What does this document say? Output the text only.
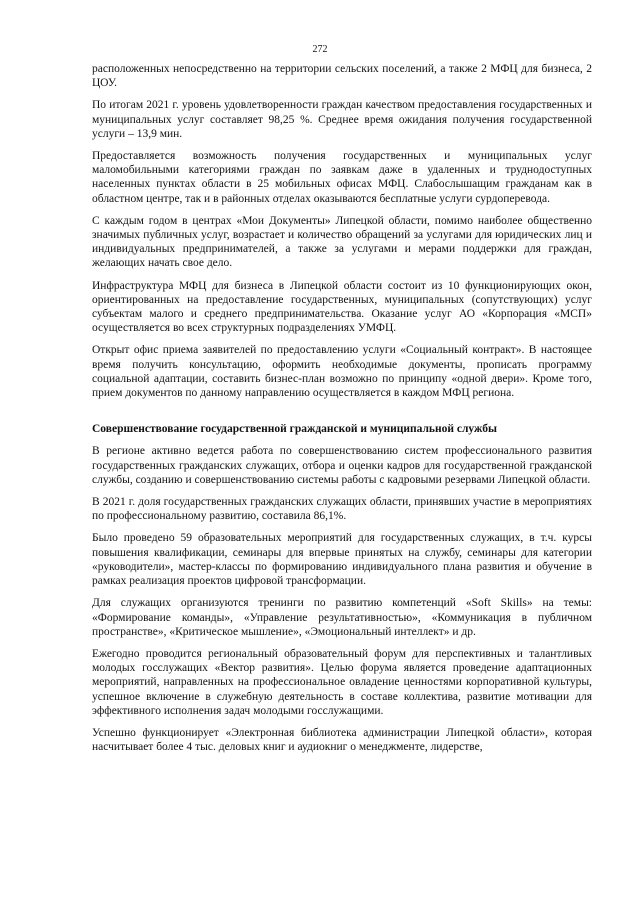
272

расположенных непосредственно на территории сельских поселений, а также 2 МФЦ для бизнеса, 2 ЦОУ.

По итогам 2021 г. уровень удовлетворенности граждан качеством предоставления государственных и муниципальных услуг составляет 98,25 %. Среднее время ожидания получения государственной услуги – 13,9 мин.

Предоставляется возможность получения государственных и муниципальных услуг маломобильными категориями граждан по заявкам даже в удаленных и труднодоступных населенных пунктах области в 25 мобильных офисах МФЦ. Слабослышащим гражданам как в областном центре, так и в районных отделах оказываются бесплатные услуги сурдоперевода.

С каждым годом в центрах «Мои Документы» Липецкой области, помимо наиболее общественно значимых публичных услуг, возрастает и количество обращений за услугами для юридических лиц и индивидуальных предпринимателей, а также за услугами и мерами поддержки для граждан, желающих начать свое дело.

Инфраструктура МФЦ для бизнеса в Липецкой области состоит из 10 функционирующих окон, ориентированных на предоставление государственных, муниципальных (сопутствующих) услуг субъектам малого и среднего предпринимательства. Оказание услуг АО «Корпорация «МСП» осуществляется во всех структурных подразделениях УМФЦ.

Открыт офис приема заявителей по предоставлению услуги «Социальный контракт». В настоящее время получить консультацию, оформить необходимые документы, прописать программу социальной адаптации, составить бизнес-план возможно по принципу «одной двери». Кроме того, прием документов по данному направлению осуществляется в каждом МФЦ региона.

Совершенствование государственной гражданской и муниципальной службы

В регионе активно ведется работа по совершенствованию систем профессионального развития государственных гражданских служащих, отбора и оценки кадров для государственной гражданской службы, созданию и совершенствованию системы работы с кадровыми резервами Липецкой области.

В 2021 г. доля государственных гражданских служащих области, принявших участие в мероприятиях по профессиональному развитию, составила 86,1%.

Было проведено 59 образовательных мероприятий для государственных служащих, в т.ч. курсы повышения квалификации, семинары для впервые принятых на службу, семинары для категории «руководители», мастер-классы по формированию индивидуального плана развития и обучение в рамках реализация проектов цифровой трансформации.

Для служащих организуются тренинги по развитию компетенций «Soft Skills» на темы: «Формирование команды», «Управление результативностью», «Коммуникация в публичном пространстве», «Критическое мышление», «Эмоциональный интеллект» и др.

Ежегодно проводится региональный образовательный форум для перспективных и талантливых молодых госслужащих «Вектор развития». Целью форума является проведение адаптационных мероприятий, направленных на профессиональное овладение ценностями корпоративной культуры, успешное включение в служебную деятельность в составе коллектива, развитие мотивации для эффективного исполнения задач молодыми госслужащими.

Успешно функционирует «Электронная библиотека администрации Липецкой области», которая насчитывает более 4 тыс. деловых книг и аудиокниг о менеджменте, лидерстве,
